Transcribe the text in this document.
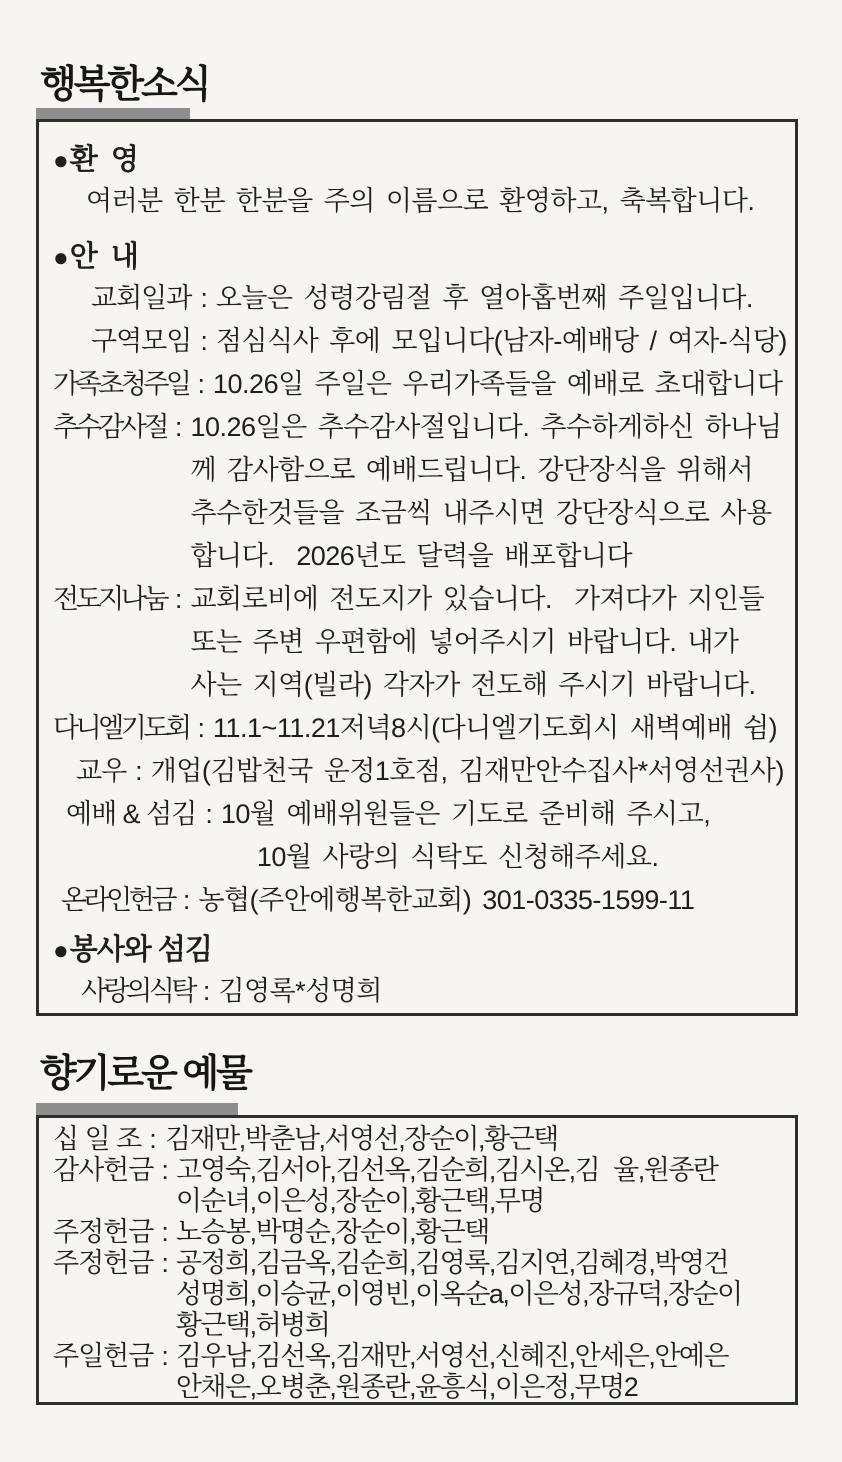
행복한소식
● 환  영
여러분 한분 한분을 주의 이름으로 환영하고, 축복합니다.
● 안  내
교회일과 : 오늘은 성령강림절 후 열아홉번째 주일입니다.
구역모임 : 점심식사 후에 모입니다(남자-예배당 / 여자-식당)
가족초청주일 : 10.26일 주일은 우리가족들을 예배로 초대합니다
추수감사절 : 10.26일은 추수감사절입니다. 추수하게하신 하나님
께 감사함으로 예배드립니다. 강단장식을 위해서
추수한것들을 조금씩 내주시면 강단장식으로 사용
합니다.  2026년도 달력을 배포합니다
전도지나눔 : 교회로비에 전도지가 있습니다.  가져다가 지인들
또는 주변 우편함에 넣어주시기 바랍니다. 내가
사는 지역(빌라) 각자가 전도해 주시기 바랍니다.
다니엘기도회 : 11.1~11.21저녁8시(다니엘기도회시 새벽예배 쉼)
교우 : 개업(김밥천국 운정1호점, 김재만안수집사*서영선권사)
예배 & 섬김 : 10월 예배위원들은 기도로 준비해 주시고,
10월 사랑의 식탁도 신청해주세요.
온라인헌금 : 농협(주안에행복한교회) 301-0335-1599-11
● 봉사와 섬김
사랑의식탁 : 김영록*성명희
향기로운 예물
십 일 조 : 김재만,박춘남,서영선,장순이,황근택
감사헌금 : 고영숙,김서아,김선옥,김순희,김시온,김  율,원종란
이순녀,이은성,장순이,황근택,무명
주정헌금 : 노승봉,박명순,장순이,황근택
주정헌금 : 공정희,김금옥,김순희,김영록,김지연,김혜경,박영건
성명희,이승균,이영빈,이옥순a,이은성,장규덕,장순이
황근택,허병희
주일헌금 : 김우남,김선옥,김재만,서영선,신혜진,안세은,안예은
안채은,오병춘,원종란,윤흥식,이은정,무명2
